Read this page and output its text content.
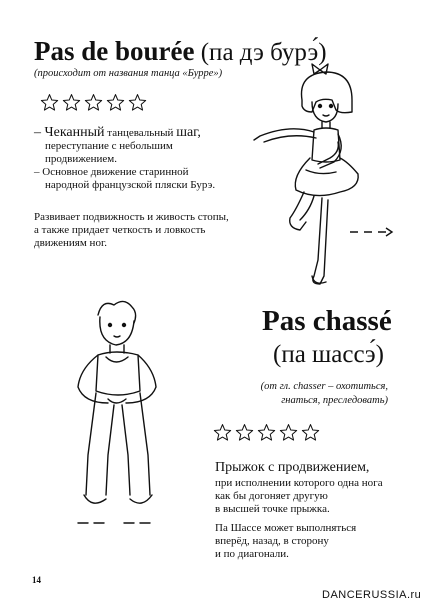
Pas de bourée (па дэ бурэ́)
(происходит от названия танца «Бурре»)
– Чеканный танцевальный шаг,
переступание с небольшим
продвижением.
– Основное движение старинной
народной французской пляски Бурэ.
Развивает подвижность и живость стопы,
а также придает четкость и ловкость
движениям ног.
Pas chassé
(па шассэ́)
(от гл. chasser – охотиться,
гнаться, преследовать)
Прыжок с продвижением,
при исполнении которого одна нога
как бы догоняет другую
в высшей точке прыжка.
Па Шассе может выполняться
вперёд, назад, в сторону
и по диагонали.
14
DANCERUSSIA.ru
